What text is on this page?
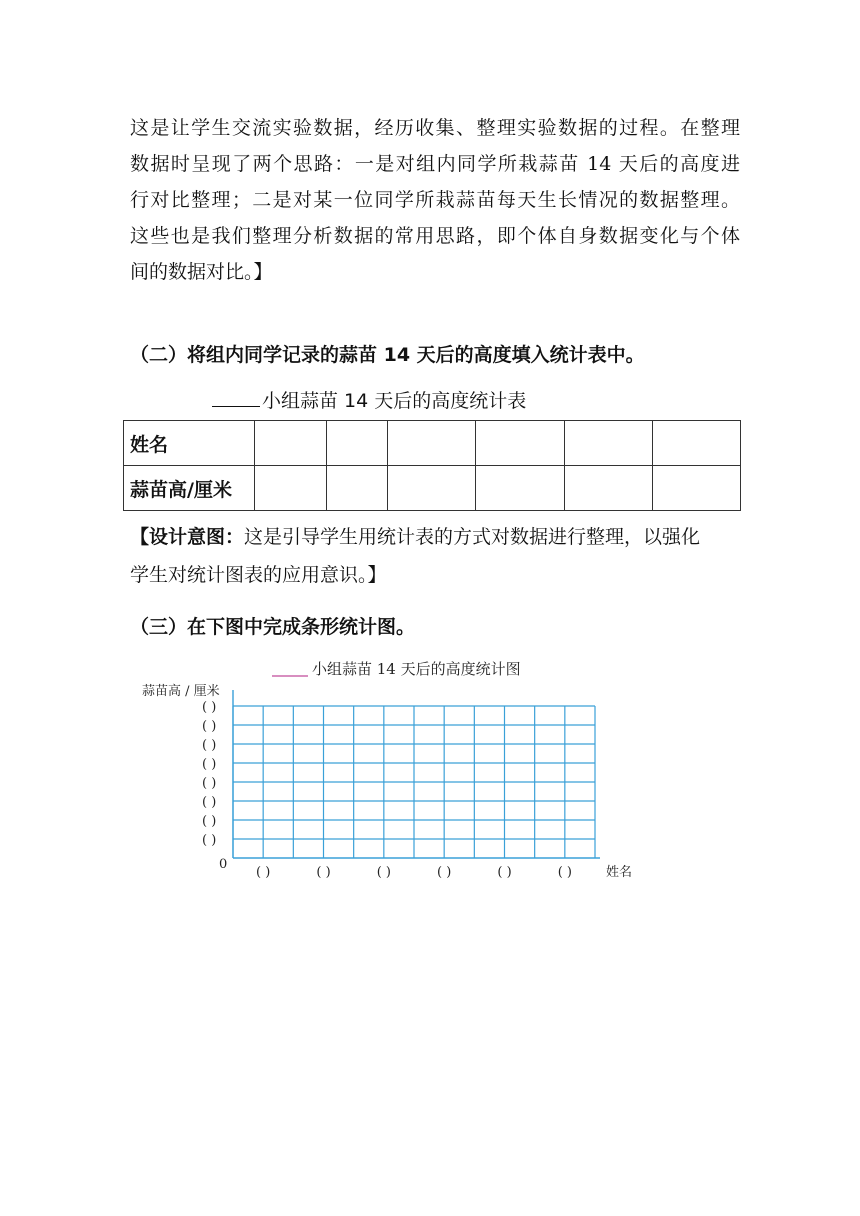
这是让学生交流实验数据，经历收集、整理实验数据的过程。在整理
数据时呈现了两个思路：一是对组内同学所栽蒜苗 14 天后的高度进
行对比整理；二是对某一位同学所栽蒜苗每天生长情况的数据整理。
这些也是我们整理分析数据的常用思路，即个体自身数据变化与个体
间的数据对比。】

（二）将组内同学记录的蒜苗 14 天后的高度填入统计表中。

小组蒜苗 14 天后的高度统计表

姓名						
蒜苗高/厘米						
【设计意图：这是引导学生用统计表的方式对数据进行整理，以强化
学生对统计图表的应用意识。】

（三）在下图中完成条形统计图。

小组蒜苗 14 天后的高度统计图
蒜苗高 / 厘米
0
姓名
( )
( )
( )
( )
( )
( )
( )
( )
( )	( )	( )	( )	( )	( )
